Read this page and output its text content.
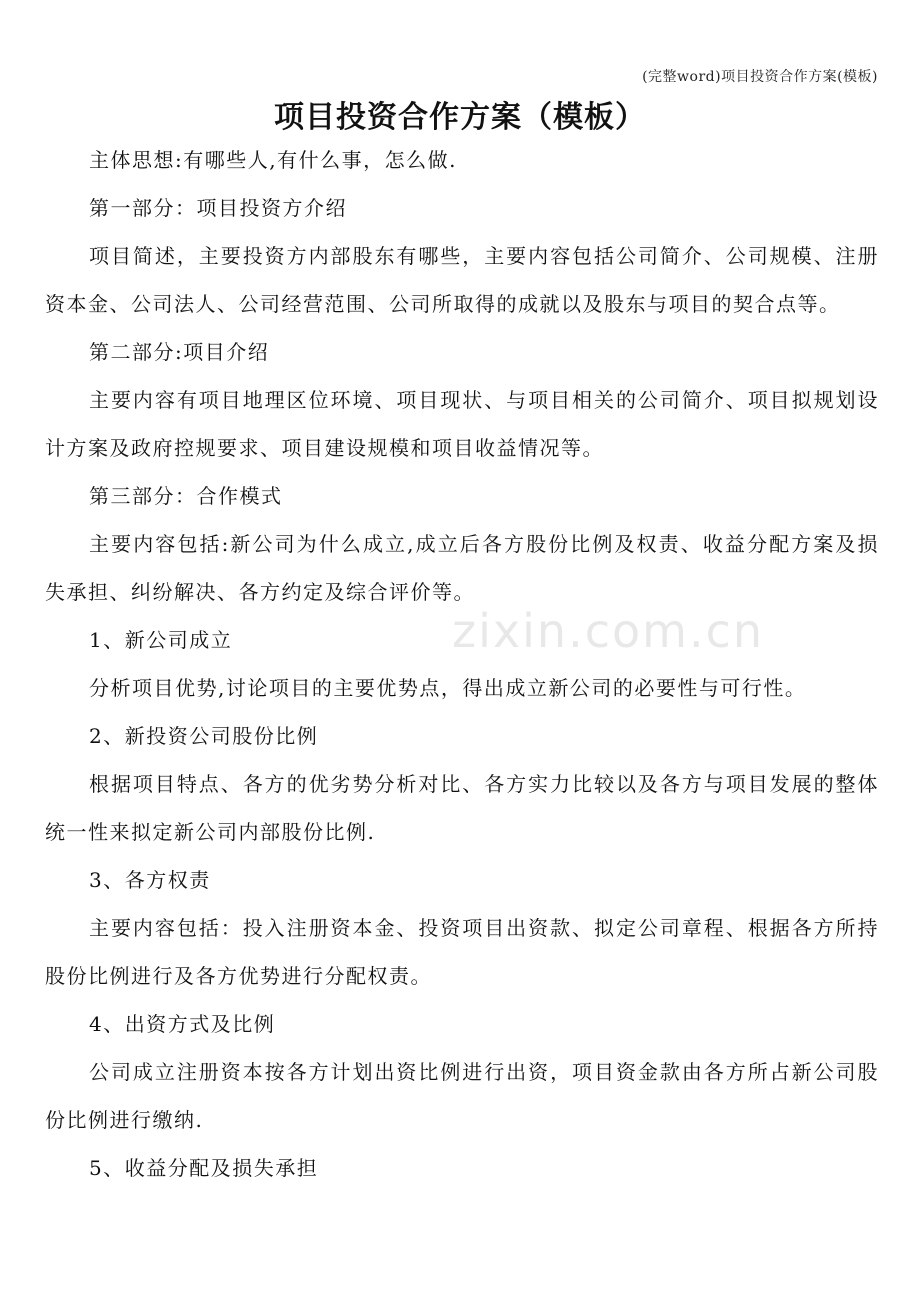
(完整word)项目投资合作方案(模板)
项目投资合作方案（模板）

主体思想:有哪些人,有什么事，怎么做.

第一部分：项目投资方介绍

项目简述，主要投资方内部股东有哪些，主要内容包括公司简介、公司规模、注册资本金、公司法人、公司经营范围、公司所取得的成就以及股东与项目的契合点等。

第二部分:项目介绍

主要内容有项目地理区位环境、项目现状、与项目相关的公司简介、项目拟规划设计方案及政府控规要求、项目建设规模和项目收益情况等。

第三部分：合作模式

主要内容包括:新公司为什么成立,成立后各方股份比例及权责、收益分配方案及损失承担、纠纷解决、各方约定及综合评价等。

1、新公司成立

分析项目优势,讨论项目的主要优势点，得出成立新公司的必要性与可行性。

2、新投资公司股份比例

根据项目特点、各方的优劣势分析对比、各方实力比较以及各方与项目发展的整体统一性来拟定新公司内部股份比例.

3、各方权责

主要内容包括：投入注册资本金、投资项目出资款、拟定公司章程、根据各方所持股份比例进行及各方优势进行分配权责。

4、出资方式及比例

公司成立注册资本按各方计划出资比例进行出资，项目资金款由各方所占新公司股份比例进行缴纳.

5、收益分配及损失承担

zixin.com.cn
